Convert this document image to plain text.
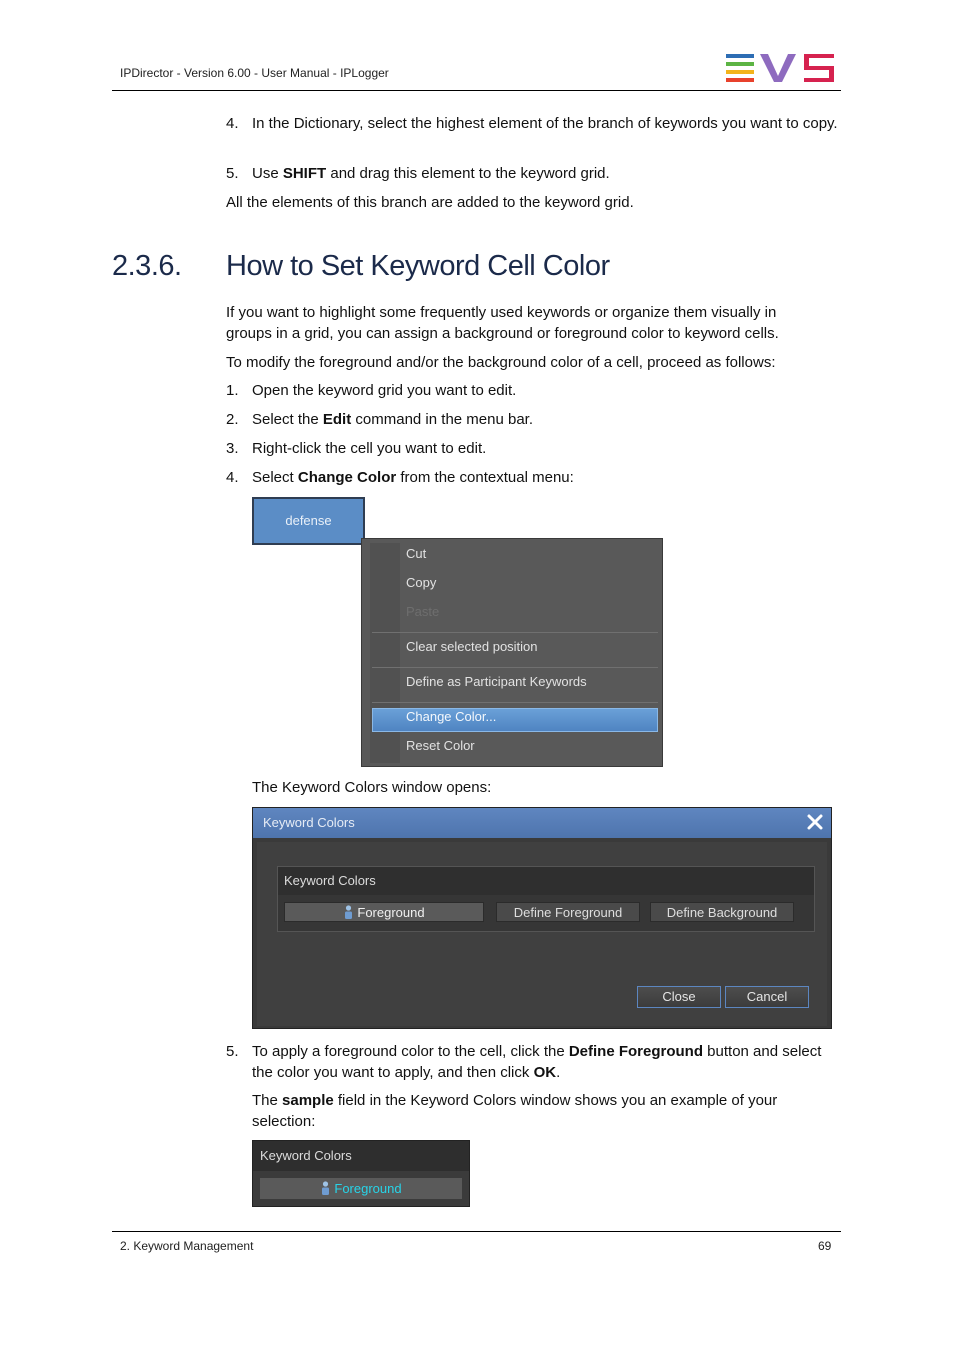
IPDirector - Version 6.00 - User Manual - IPLogger
4. In the Dictionary, select the highest element of the branch of keywords you want to copy.
5. Use SHIFT and drag this element to the keyword grid.
All the elements of this branch are added to the keyword grid.
2.3.6. How to Set Keyword Cell Color
If you want to highlight some frequently used keywords or organize them visually in groups in a grid, you can assign a background or foreground color to keyword cells.
To modify the foreground and/or the background color of a cell, proceed as follows:
1. Open the keyword grid you want to edit.
2. Select the Edit command in the menu bar.
3. Right-click the cell you want to edit.
4. Select Change Color from the contextual menu:
defense
Cut
Copy
Paste
Clear selected position
Define as Participant Keywords
Change Color...
Reset Color
The Keyword Colors window opens:
Keyword Colors
Keyword Colors
Foreground	Define Foreground	Define Background
Close	Cancel
5. To apply a foreground color to the cell, click the Define Foreground button and select the color you want to apply, and then click OK.
The sample field in the Keyword Colors window shows you an example of your selection:
Keyword Colors
Foreground
2. Keyword Management	69
